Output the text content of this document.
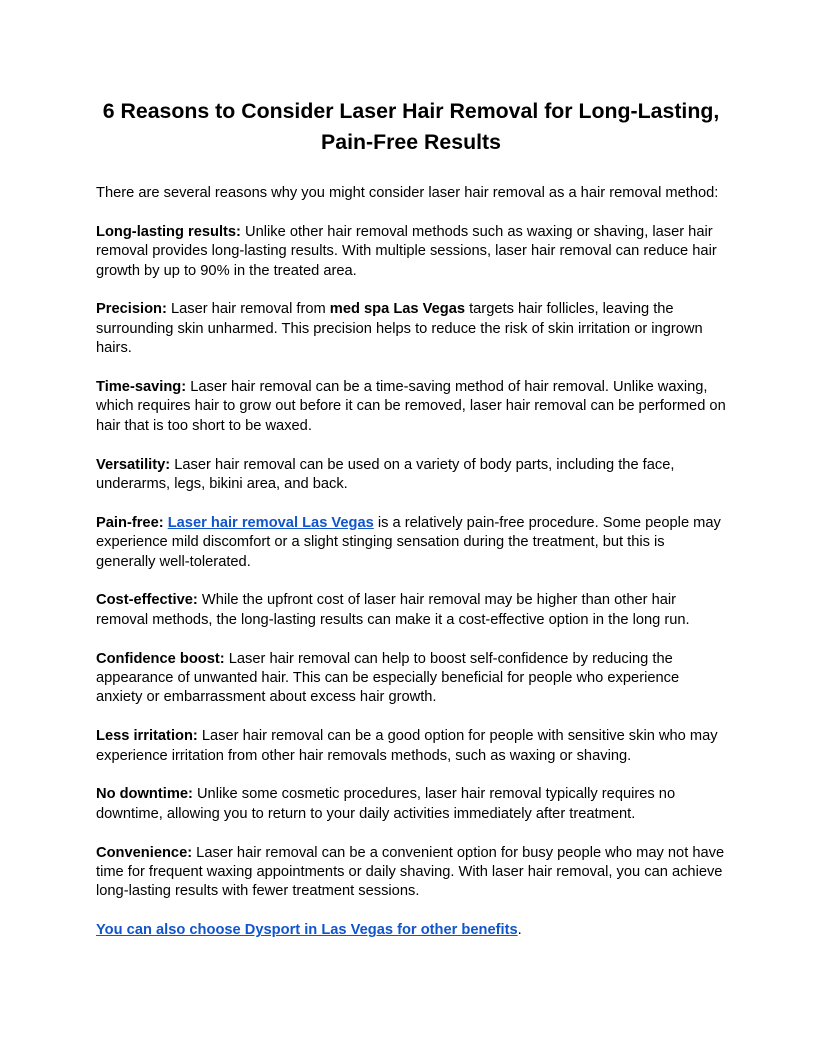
6 Reasons to Consider Laser Hair Removal for Long-Lasting, Pain-Free Results

There are several reasons why you might consider laser hair removal as a hair removal method:

Long-lasting results: Unlike other hair removal methods such as waxing or shaving, laser hair removal provides long-lasting results. With multiple sessions, laser hair removal can reduce hair growth by up to 90% in the treated area.

Precision: Laser hair removal from med spa Las Vegas targets hair follicles, leaving the surrounding skin unharmed. This precision helps to reduce the risk of skin irritation or ingrown hairs.

Time-saving: Laser hair removal can be a time-saving method of hair removal. Unlike waxing, which requires hair to grow out before it can be removed, laser hair removal can be performed on hair that is too short to be waxed.

Versatility: Laser hair removal can be used on a variety of body parts, including the face, underarms, legs, bikini area, and back.

Pain-free: Laser hair removal Las Vegas is a relatively pain-free procedure. Some people may experience mild discomfort or a slight stinging sensation during the treatment, but this is generally well-tolerated.

Cost-effective: While the upfront cost of laser hair removal may be higher than other hair removal methods, the long-lasting results can make it a cost-effective option in the long run.

Confidence boost: Laser hair removal can help to boost self-confidence by reducing the appearance of unwanted hair. This can be especially beneficial for people who experience anxiety or embarrassment about excess hair growth.

Less irritation: Laser hair removal can be a good option for people with sensitive skin who may experience irritation from other hair removals methods, such as waxing or shaving.

No downtime: Unlike some cosmetic procedures, laser hair removal typically requires no downtime, allowing you to return to your daily activities immediately after treatment.

Convenience: Laser hair removal can be a convenient option for busy people who may not have time for frequent waxing appointments or daily shaving. With laser hair removal, you can achieve long-lasting results with fewer treatment sessions.

You can also choose Dysport in Las Vegas for other benefits.
